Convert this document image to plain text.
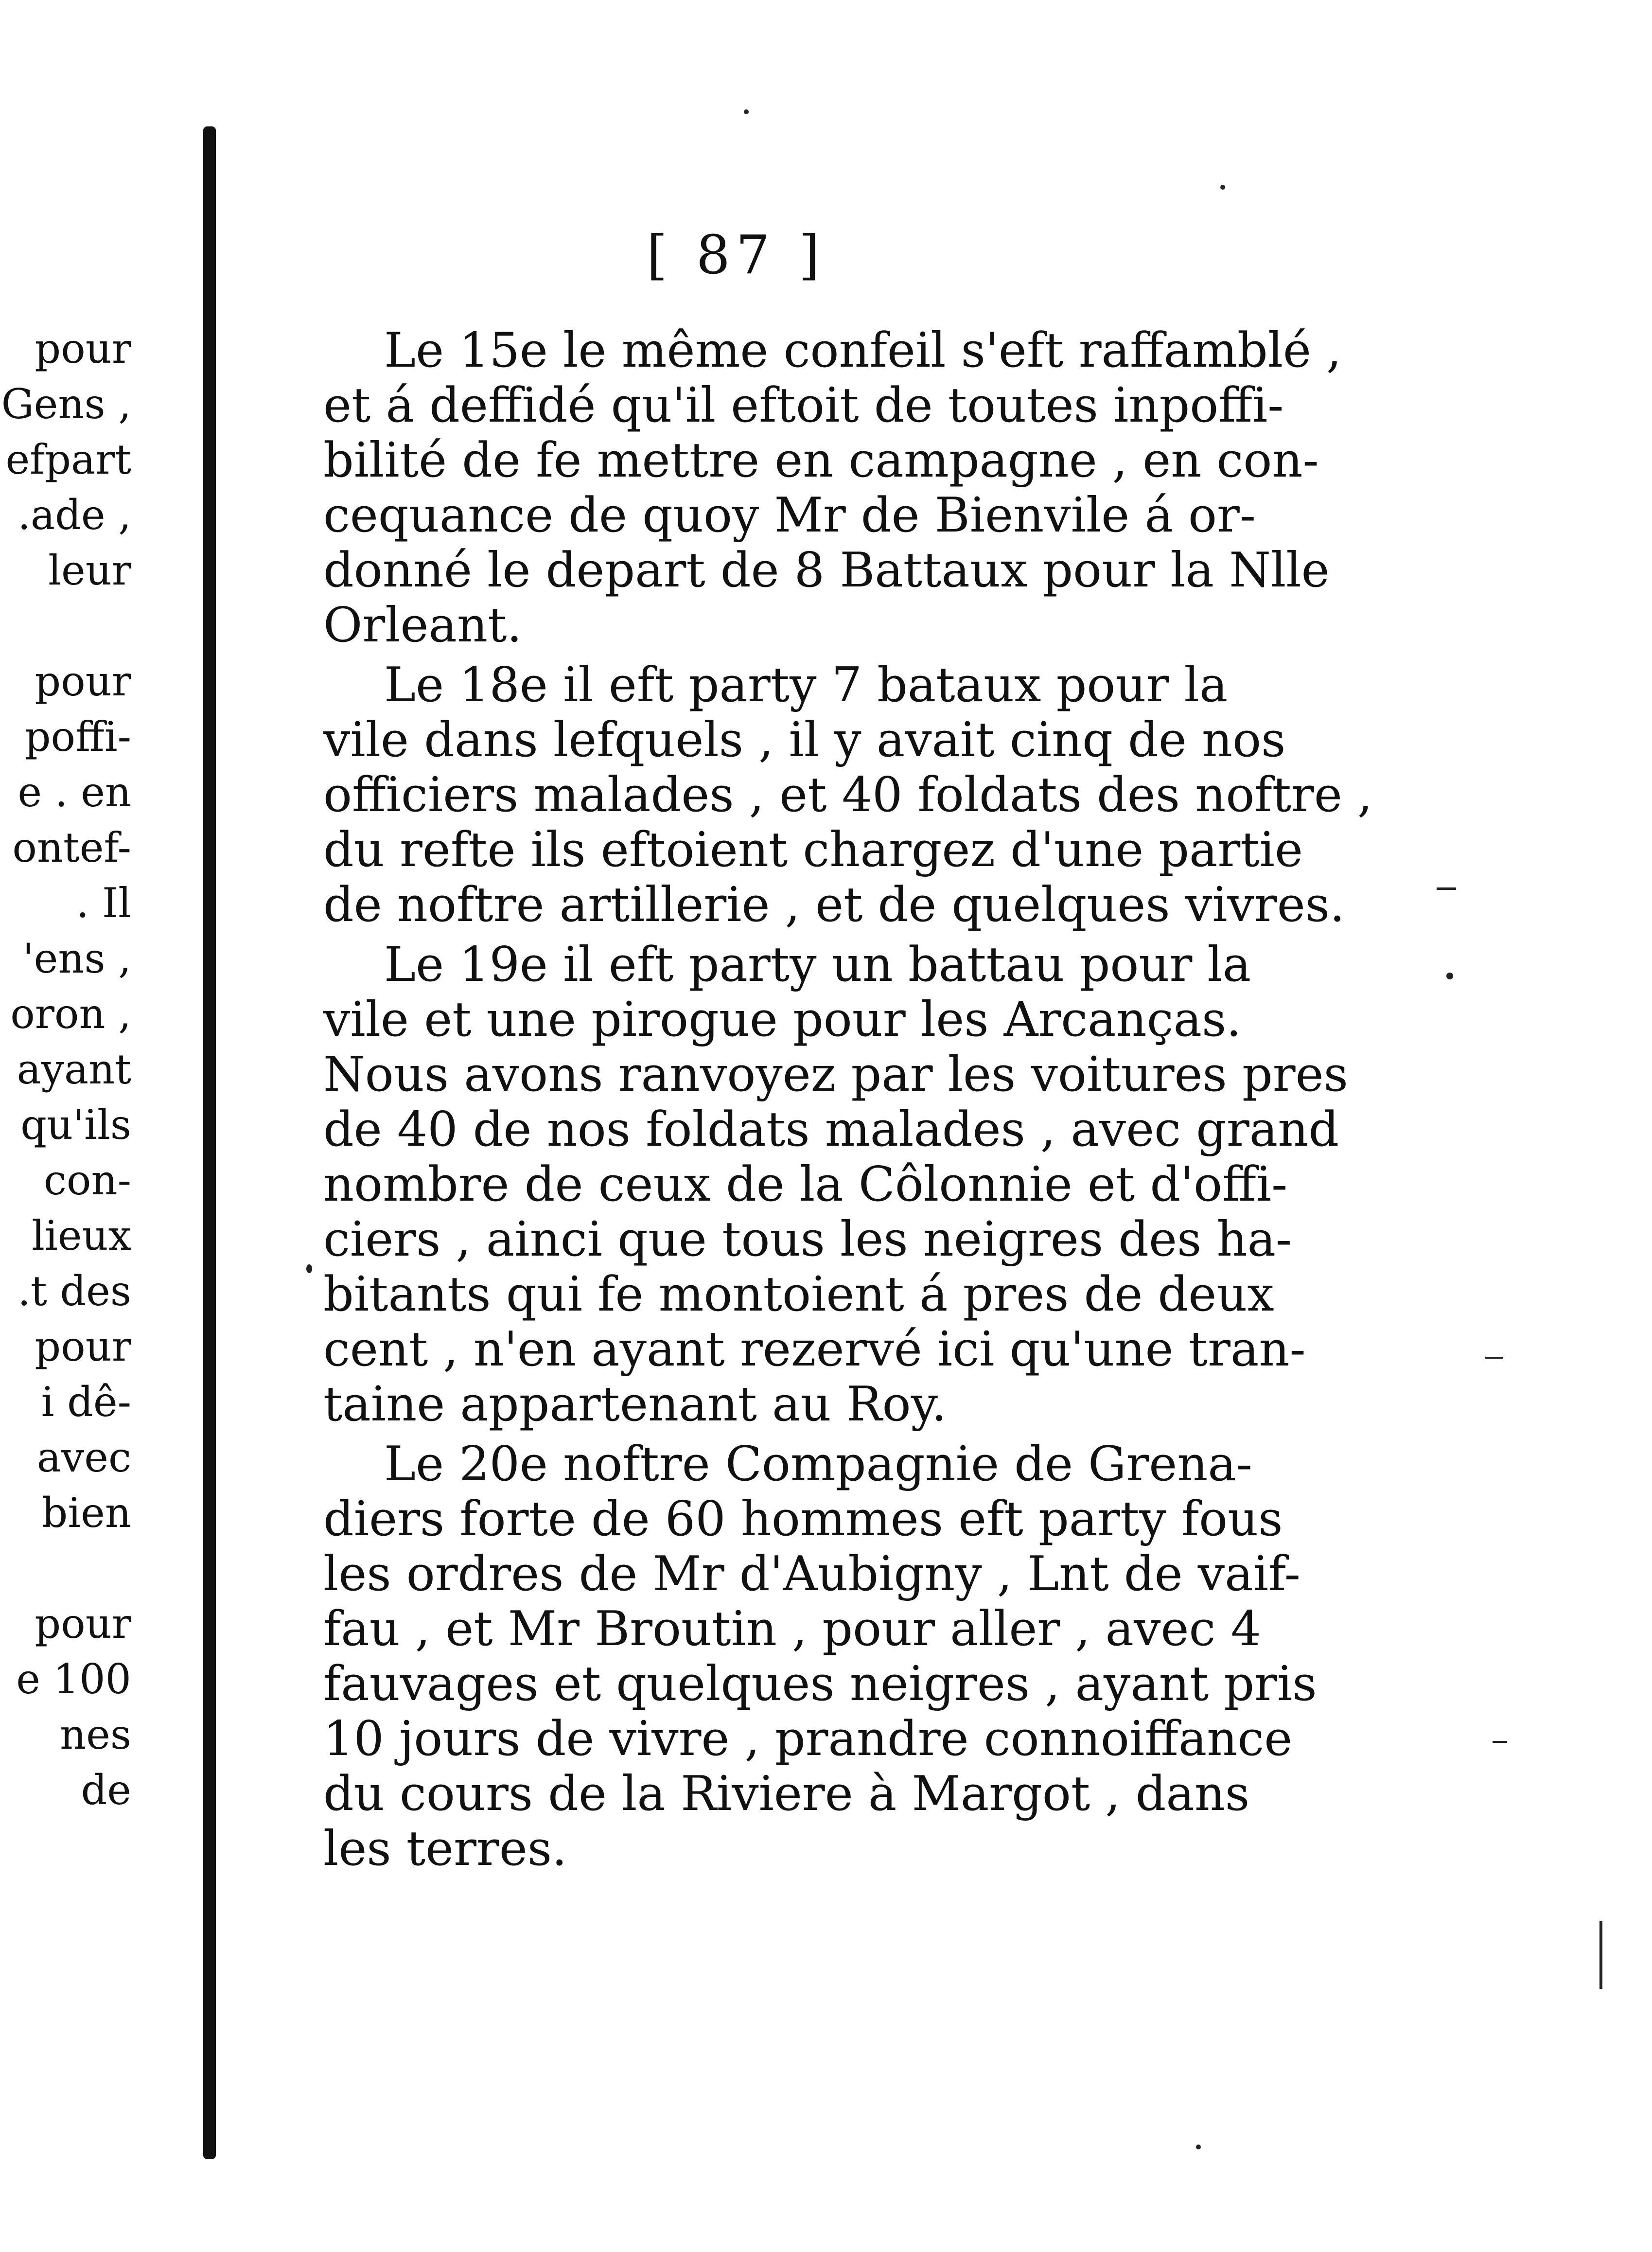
pour
Gens ,
efpart
.ade ,
leur

pour
poffi-
e . en
ontef-
. Il
'ens ,
oron ,
ayant
qu'ils
con-
lieux
.t des
pour
i dê-
avec
bien

pour
e 100
nes de
[ 87 ]
Le 15e le même confeil s'eft raffamblé ,
et á deffidé qu'il eftoit de toutes inpoffi-
bilité de fe mettre en campagne , en con-
cequance de quoy Mr de Bienvile á or-
donné le depart de 8 Battaux pour la Nlle
Orleant.
Le 18e il eft party 7 bataux pour la
vile dans lefquels , il y avait cinq de nos
officiers malades , et 40 foldats des noftre ,
du refte ils eftoient chargez d'une partie
de noftre artillerie , et de quelques vivres.
Le 19e il eft party un battau pour la
vile et une pirogue pour les Arcanças.
Nous avons ranvoyez par les voitures pres
de 40 de nos foldats malades , avec grand
nombre de ceux de la Côlonnie et d'offi-
ciers , ainci que tous les neigres des ha-
bitants qui fe montoient á pres de deux
cent , n'en ayant rezervé ici qu'une tran-
taine appartenant au Roy.
Le 20e noftre Compagnie de Grena-
diers forte de 60 hommes eft party fous
les ordres de Mr d'Aubigny , Lnt de vaif-
fau , et Mr Broutin , pour aller , avec 4
fauvages et quelques neigres , ayant pris
10 jours de vivre , prandre connoiffance
du cours de la Riviere à Margot , dans
les terres.
